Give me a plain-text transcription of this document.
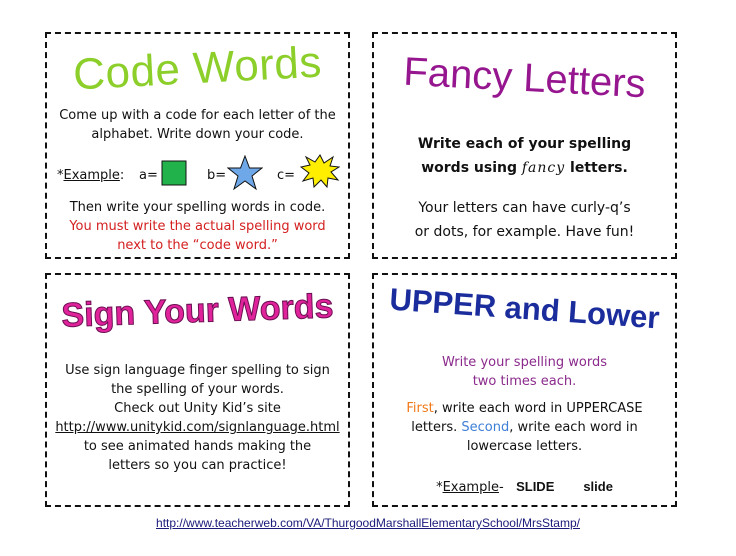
Code Words
Come up with a code for each letter of the
alphabet. Write down your code.
*Example: a=	b=	c=
Then write your spelling words in code.
You must write the actual spelling word
next to the “code word.”
Fancy Letters
Write each of your spelling
words using fancy letters.
Your letters can have curly-q’s
or dots, for example. Have fun!
Sign Your Words
Use sign language finger spelling to sign
the spelling of your words.
Check out Unity Kid’s site
http://www.unitykid.com/signlanguage.html
to see animated hands making the
letters so you can practice!
UPPER and Lower
Write your spelling words
two times each.
First, write each word in UPPERCASE
letters. Second, write each word in
lowercase letters.
*Example- SLIDE slide
http://www.teacherweb.com/VA/ThurgoodMarshallElementarySchool/MrsStamp/
